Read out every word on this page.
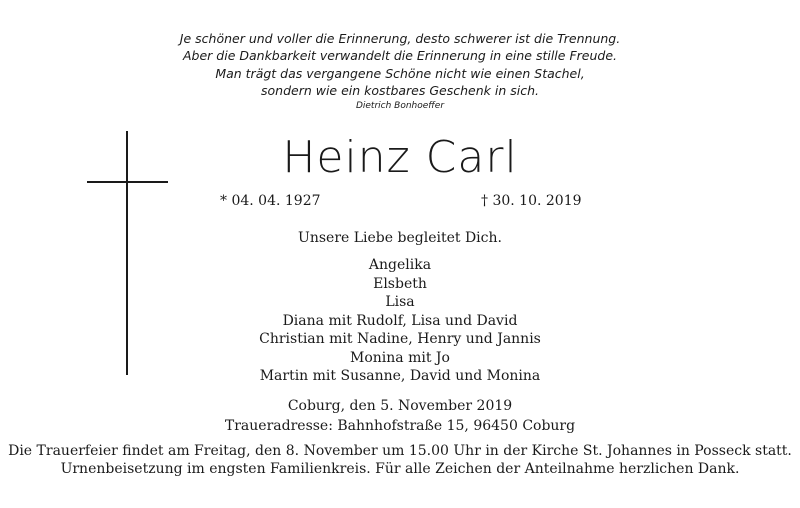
Je schöner und voller die Erinnerung, desto schwerer ist die Trennung.
Aber die Dankbarkeit verwandelt die Erinnerung in eine stille Freude.
Man trägt das vergangene Schöne nicht wie einen Stachel,
sondern wie ein kostbares Geschenk in sich.
Dietrich Bonhoeffer
Heinz Carl
* 04. 04. 1927	† 30. 10. 2019
Unsere Liebe begleitet Dich.
Angelika
Elsbeth
Lisa
Diana mit Rudolf, Lisa und David
Christian mit Nadine, Henry und Jannis
Monina mit Jo
Martin mit Susanne, David und Monina
Coburg, den 5. November 2019
Traueradresse: Bahnhofstraße 15, 96450 Coburg
Die Trauerfeier findet am Freitag, den 8. November um 15.00 Uhr in der Kirche St. Johannes in Posseck statt.
Urnenbeisetzung im engsten Familienkreis. Für alle Zeichen der Anteilnahme herzlichen Dank.
